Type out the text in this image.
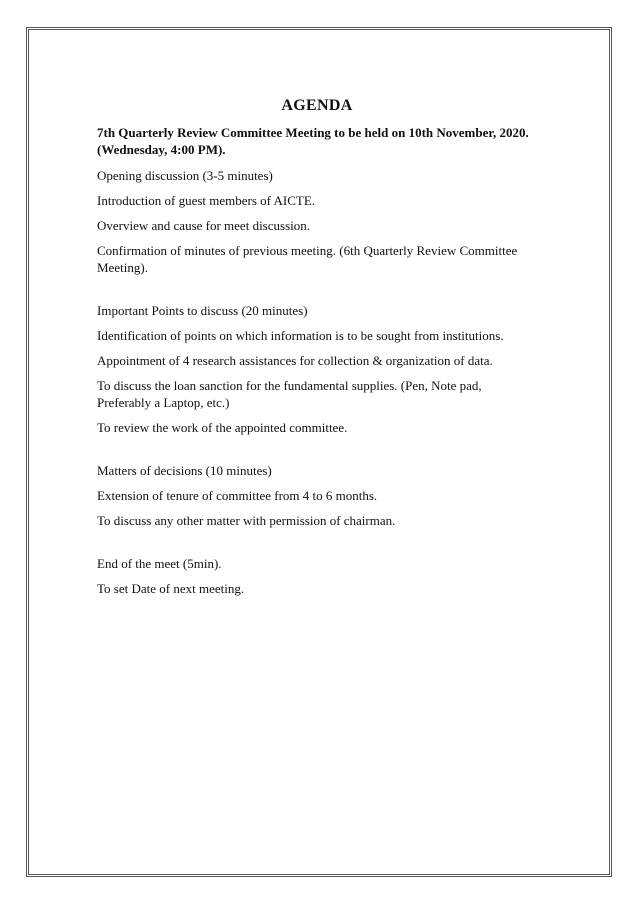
AGENDA
7th Quarterly Review Committee Meeting to be held on 10th November, 2020.
(Wednesday, 4:00 PM).

Opening discussion (3-5 minutes)

Introduction of guest members of AICTE.

Overview and cause for meet discussion.

Confirmation of minutes of previous meeting. (6th Quarterly Review Committee Meeting).

Important Points to discuss (20 minutes)

Identification of points on which information is to be sought from institutions.

Appointment of 4 research assistances for collection & organization of data.

To discuss the loan sanction for the fundamental supplies. (Pen, Note pad, Preferably a Laptop, etc.)

To review the work of the appointed committee.

Matters of decisions (10 minutes)

Extension of tenure of committee from 4 to 6 months.

To discuss any other matter with permission of chairman.

End of the meet (5min).

To set Date of next meeting.
